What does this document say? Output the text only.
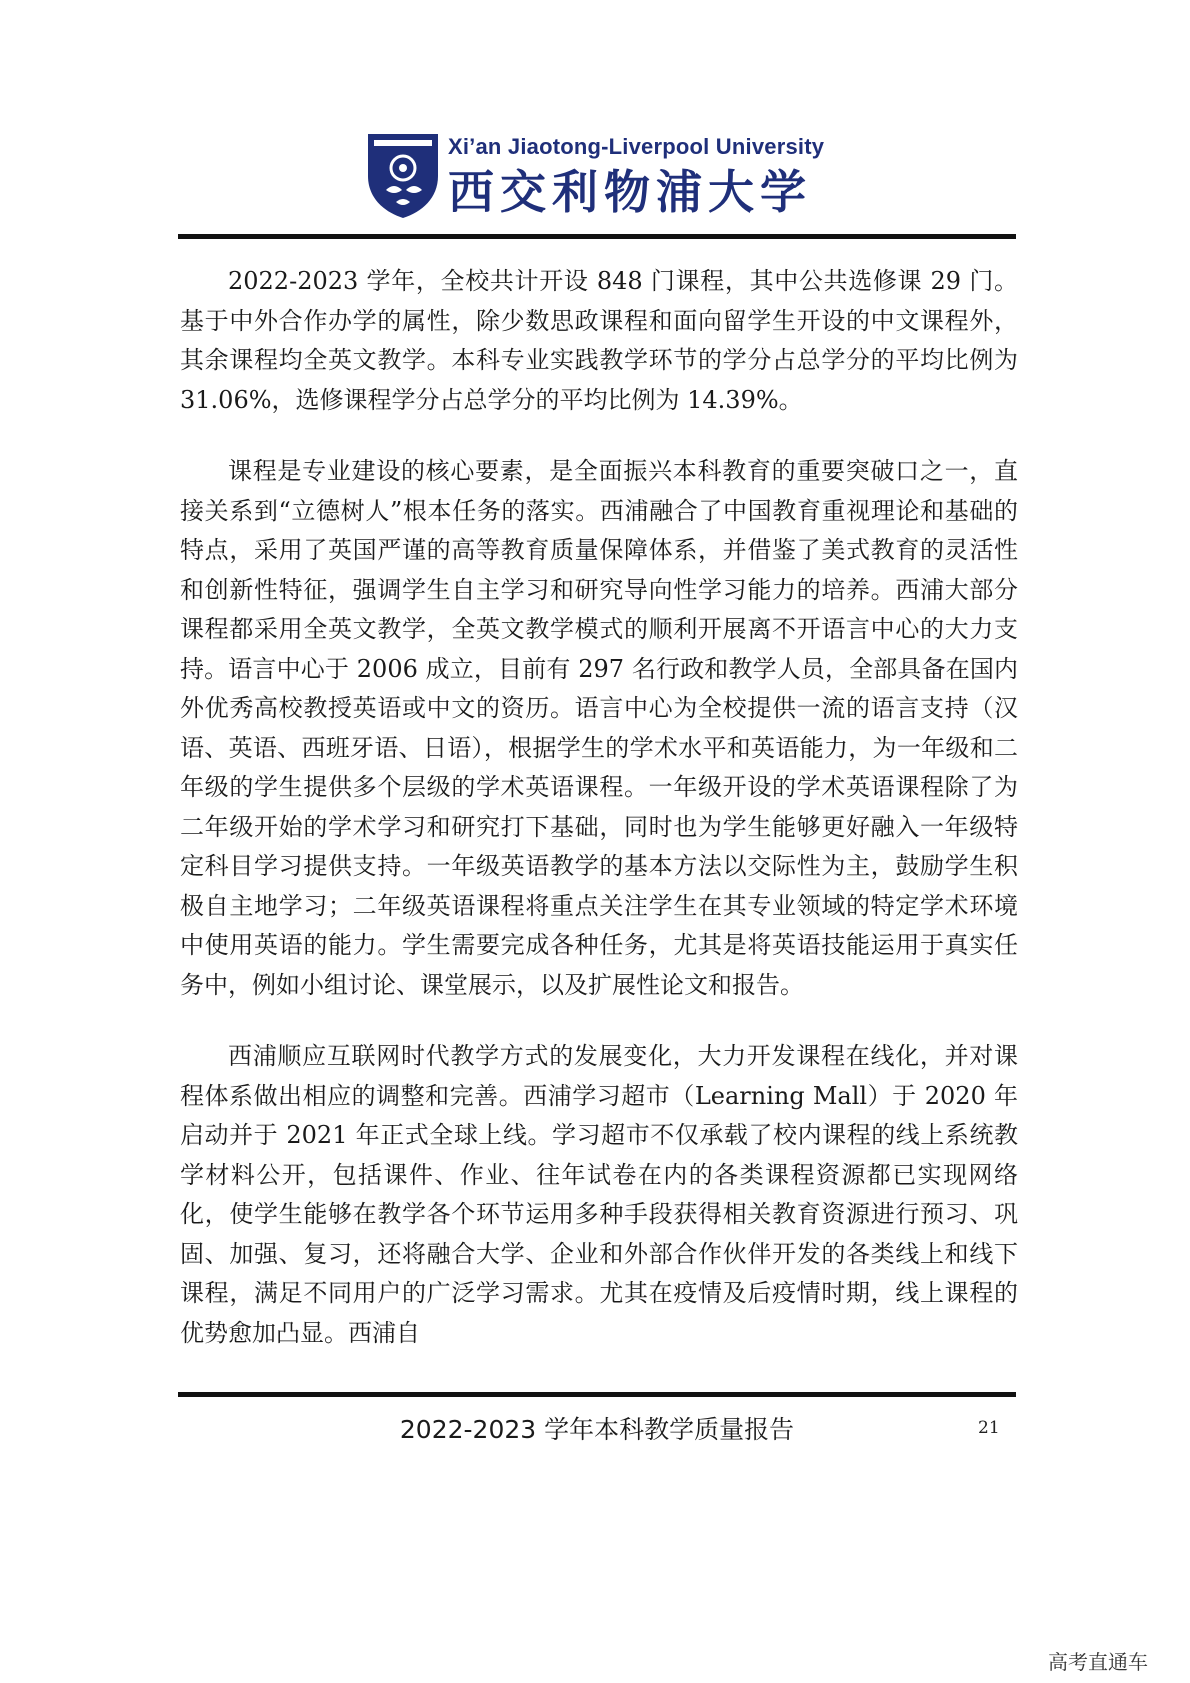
Xi’an Jiaotong-Liverpool University
西交利物浦大学

2022-2023 学年，全校共计开设 848 门课程，其中公共选修课 29 门。基于中外合作办学的属性，除少数思政课程和面向留学生开设的中文课程外，其余课程均全英文教学。本科专业实践教学环节的学分占总学分的平均比例为 31.06%，选修课程学分占总学分的平均比例为 14.39%。

课程是专业建设的核心要素，是全面振兴本科教育的重要突破口之一，直接关系到“立德树人”根本任务的落实。西浦融合了中国教育重视理论和基础的特点，采用了英国严谨的高等教育质量保障体系，并借鉴了美式教育的灵活性和创新性特征，强调学生自主学习和研究导向性学习能力的培养。西浦大部分课程都采用全英文教学，全英文教学模式的顺利开展离不开语言中心的大力支持。语言中心于 2006 成立，目前有 297 名行政和教学人员，全部具备在国内外优秀高校教授英语或中文的资历。语言中心为全校提供一流的语言支持（汉语、英语、西班牙语、日语），根据学生的学术水平和英语能力，为一年级和二年级的学生提供多个层级的学术英语课程。一年级开设的学术英语课程除了为二年级开始的学术学习和研究打下基础，同时也为学生能够更好融入一年级特定科目学习提供支持。一年级英语教学的基本方法以交际性为主，鼓励学生积极自主地学习；二年级英语课程将重点关注学生在其专业领域的特定学术环境中使用英语的能力。学生需要完成各种任务，尤其是将英语技能运用于真实任务中，例如小组讨论、课堂展示，以及扩展性论文和报告。

西浦顺应互联网时代教学方式的发展变化，大力开发课程在线化，并对课程体系做出相应的调整和完善。西浦学习超市（Learning Mall）于 2020 年启动并于 2021 年正式全球上线。学习超市不仅承载了校内课程的线上系统教学材料公开，包括课件、作业、往年试卷在内的各类课程资源都已实现网络化，使学生能够在教学各个环节运用多种手段获得相关教育资源进行预习、巩固、加强、复习，还将融合大学、企业和外部合作伙伴开发的各类线上和线下课程，满足不同用户的广泛学习需求。尤其在疫情及后疫情时期，线上课程的优势愈加凸显。西浦自

2022-2023 学年本科教学质量报告	21
高考直通车
